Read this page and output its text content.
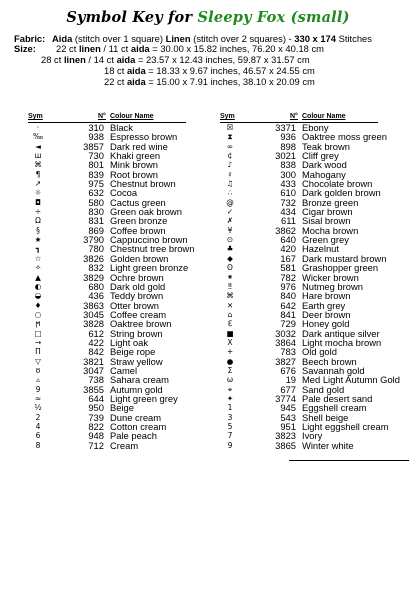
Symbol Key for Sleepy Fox (small)
Fabric: Aida (stitch over 1 square) Linen (stitch over 2 squares) - 330 x 174 Stitches
Size: 22 ct linen / 11 ct aida = 30.00 x 15.82 inches, 76.20 x 40.18 cm
28 ct linen / 14 ct aida = 23.57 x 12.43 inches, 59.87 x 31.57 cm
18 ct aida = 18.33 x 9.67 inches, 46.57 x 24.55 cm
22 ct aida = 15.00 x 7.91 inches, 38.10 x 20.09 cm
Sym	N° Colour Name
·	310 Black
‰	938 Espresso brown
◄	3857 Dark red wine
ш	730 Khaki green
⌘	801 Mink brown
¶	839 Root brown
↗	975 Chestnut brown
☼	632 Cocoa
◘	580 Cactus green
÷	830 Green oak brown
Ω	831 Green bronze
§	869 Coffee brown
★	3790 Cappuccino brown
┓	780 Chestnut tree brown
☆	3826 Golden brown
✧	832 Light green bronze
▲	3829 Ochre brown
◐	680 Dark old gold
◒	436 Teddy brown
♦	3863 Otter brown
○	3045 Coffee cream
ϻ	3828 Oaktree brown
□	612 String brown
→	422 Light oak
Π	842 Beige rope
▽	3821 Straw yellow
ʊ	3047 Camel
▵	738 Sahara cream
9	3855 Autumn gold
≈	644 Light green grey
½	950 Beige
2	739 Dune cream
4	822 Cotton cream
6	948 Pale peach
8	712 Cream
Sym	N° Colour Name
☒	3371 Ebony
⧗	936 Oaktree moss green
∞	898 Teak brown
¢	3021 Cliff grey
♪	838 Dark wood
♯	300 Mahogany
♫	433 Chocolate brown
∴	610 Dark golden brown
@	732 Bronze green
✓	434 Cigar brown
✗	611 Sisal brown
¥	3862 Mocha brown
⊙	640 Green grey
♣	420 Hazelnut
◆	167 Dark mustard brown
ʘ	581 Grashopper green
⁕	782 Wicker brown
‼	976 Nutmeg brown
⌘	840 Hare brown
✕	642 Earth grey
⌂	841 Deer brown
ℇ	729 Honey gold
■	3032 Dark antique silver
X	3864 Light mocha brown
+	783 Old gold
●	3827 Beech brown
Σ	676 Savannah gold
ω	19 Med Light Autumn Gold
⌖	677 Sand gold
✦	3774 Pale desert sand
1	945 Eggshell cream
3	543 Shell beige
5	951 Light eggshell cream
7	3823 Ivory
9	3865 Winter white
